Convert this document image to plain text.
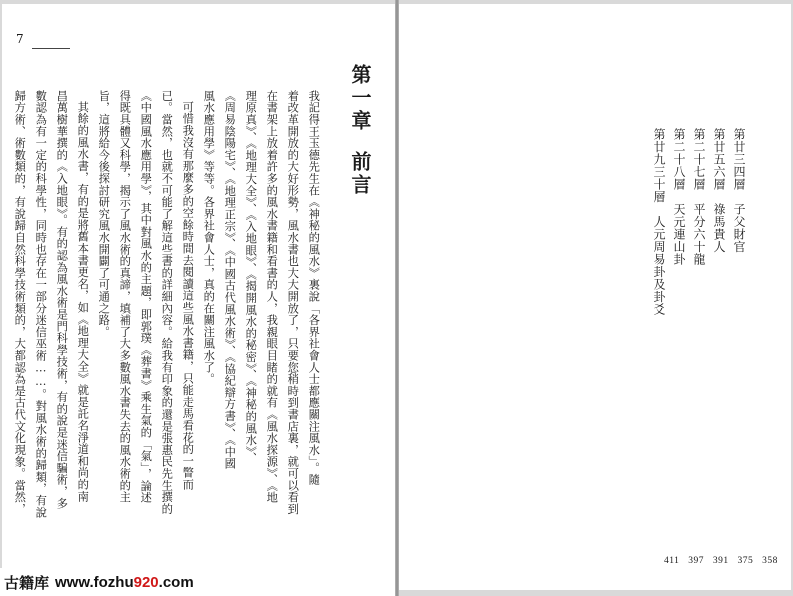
7
第一章前言
我記得王玉德先生在《神秘的風水》裏說「各界社會人士都應關注風水」。隨
着改革開放的大好形勢，風水書也大大開放了，只要您稍時到書店裏，就可以看到
在書架上放着許多的風水書籍和看書的人，我親眼目睹的就有《風水探源》、《地
理原真》、《地理大全》、《入地眼》、《揭開風水的秘密》、《神秘的風水》、
《周易陰陽宅》、《地理正宗》、《中國古代風水術》、《協紀辯方書》、《中國
風水應用學》等等。各界社會人士，真的在關注風水了。
可惜我沒有那麼多的空餘時間去閱讀這些風水書籍，只能走馬看花的一瞥而
已。當然，也就不可能了解這些書的詳細內容。給我有印象的還是張惠民先生撰的
《中國風水應用學》，其中對風水的主題，即郭璞《葬書》乘生氣的「氣」，論述
得既具體又科學，揭示了風水術的真諦，填補了大多數風水書失去的風水術的主
旨，這將給今後探討研究風水開闢了可通之路。
其餘的風水書，有的是將舊本書更名，如《地理大全》就是託名淨道和尚的南
昌萬樹華撰的《入地眼》。有的認為風水術是門科學技術，有的說是迷信騙術，多
數認為有一定的科學性，同時也存在一部分迷信巫術……。對風水術的歸類，有說
歸方術、術數類的，有說歸自然科學技術類的，大都認為是古代文化現象。當然，	第廿三四層　子父財官
第廿五六層　祿馬貴人
第二十七層　平分六十龍
第二十八層　天元連山卦
第廿九三十層　人元周易卦及卦爻
411 397 391 375 358
古籍库 www.fozhu920.com
